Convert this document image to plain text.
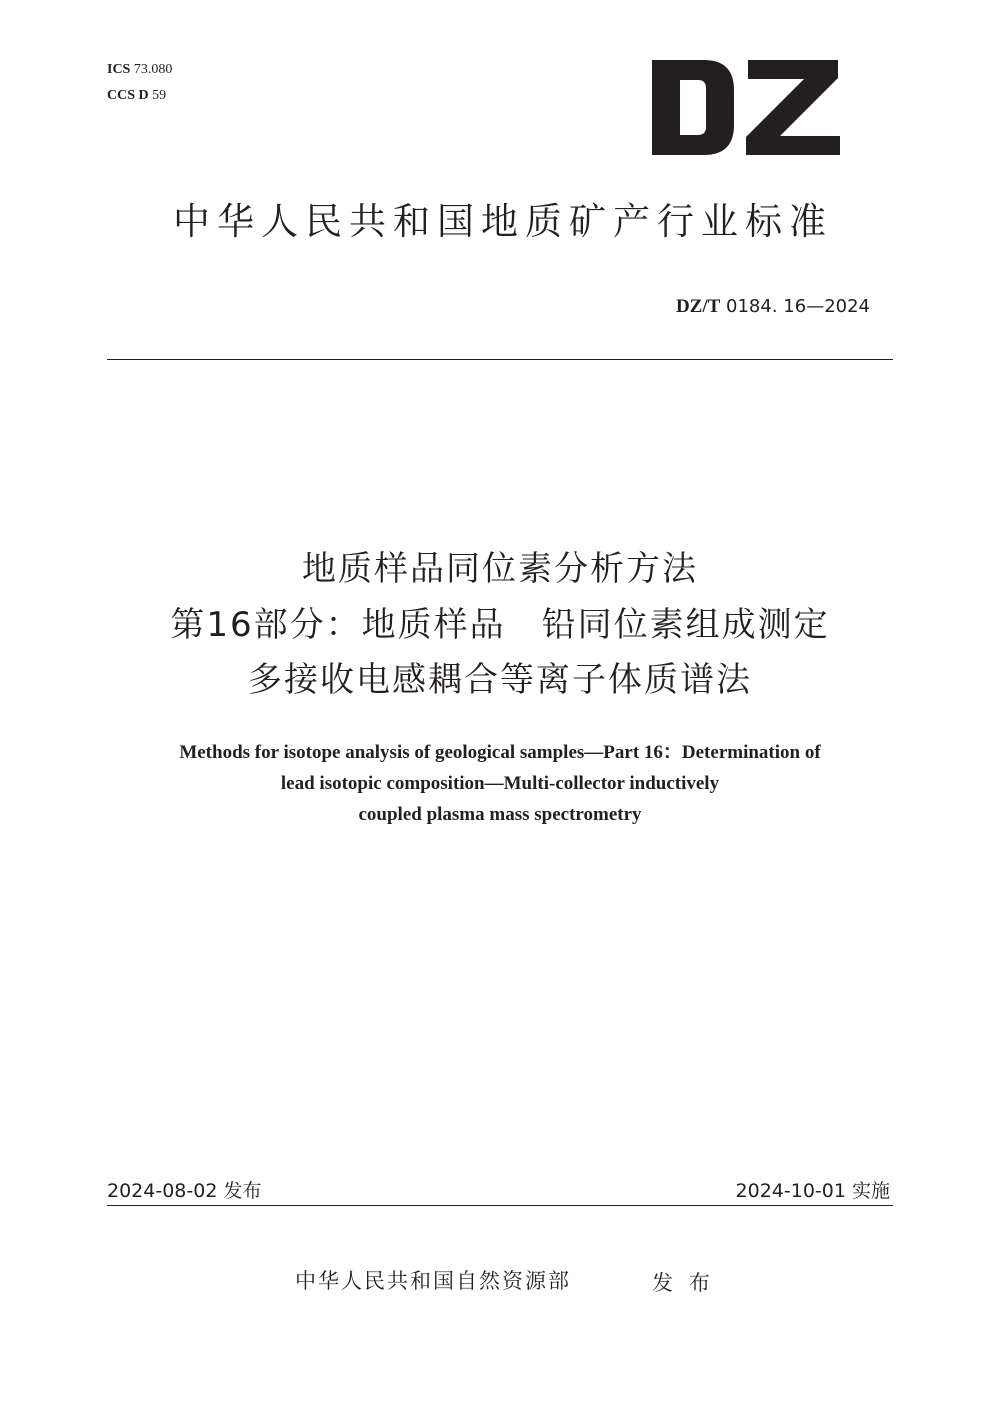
ICS 73.080
CCS D 59
中华人民共和国地质矿产行业标准
DZ/T 0184. 16—2024
地质样品同位素分析方法
第16部分：地质样品　铅同位素组成测定
多接收电感耦合等离子体质谱法
Methods for isotope analysis of geological samples—Part 16：Determination of
lead isotopic composition—Multi-collector inductively
coupled plasma mass spectrometry
2024-08-02 发布	2024-10-01 实施
中华人民共和国自然资源部	发布
